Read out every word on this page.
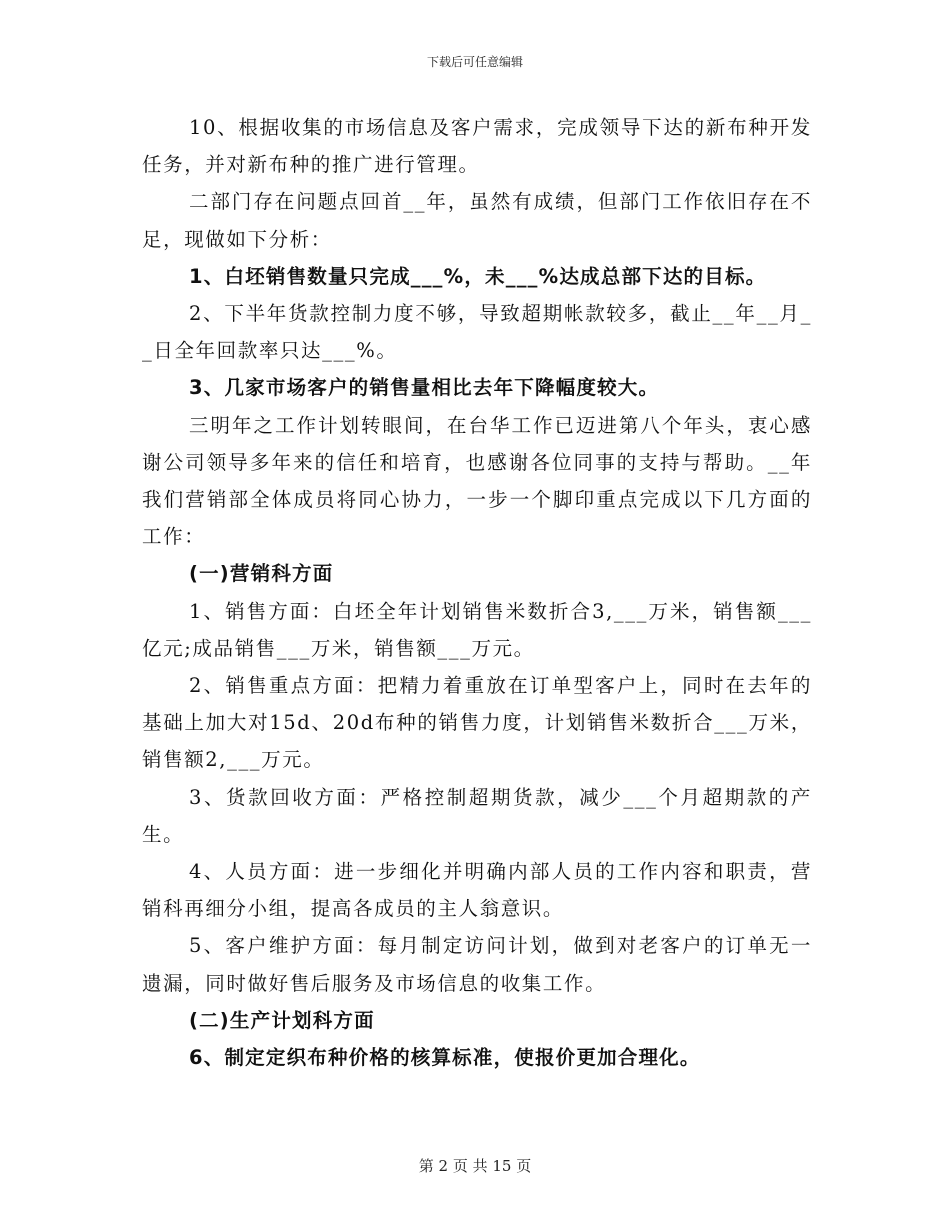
下载后可任意编辑

10、根据收集的市场信息及客户需求，完成领导下达的新布种开发任务，并对新布种的推广进行管理。

二部门存在问题点回首__年，虽然有成绩，但部门工作依旧存在不足，现做如下分析：

1、白坯销售数量只完成___%，未___%达成总部下达的目标。

2、下半年货款控制力度不够，导致超期帐款较多，截止__年__月__日全年回款率只达___%。

3、几家市场客户的销售量相比去年下降幅度较大。

三明年之工作计划转眼间，在台华工作已迈进第八个年头，衷心感谢公司领导多年来的信任和培育，也感谢各位同事的支持与帮助。__年我们营销部全体成员将同心协力，一步一个脚印重点完成以下几方面的工作：

(一)营销科方面

1、销售方面：白坯全年计划销售米数折合3,___万米，销售额___亿元;成品销售___万米，销售额___万元。

2、销售重点方面：把精力着重放在订单型客户上，同时在去年的基础上加大对15d、20d布种的销售力度，计划销售米数折合___万米，销售额2,___万元。

3、货款回收方面：严格控制超期货款，减少___个月超期款的产生。

4、人员方面：进一步细化并明确内部人员的工作内容和职责，营销科再细分小组，提高各成员的主人翁意识。

5、客户维护方面：每月制定访问计划，做到对老客户的订单无一遗漏，同时做好售后服务及市场信息的收集工作。

(二)生产计划科方面

6、制定定织布种价格的核算标准，使报价更加合理化。

第 2 页 共 15 页
